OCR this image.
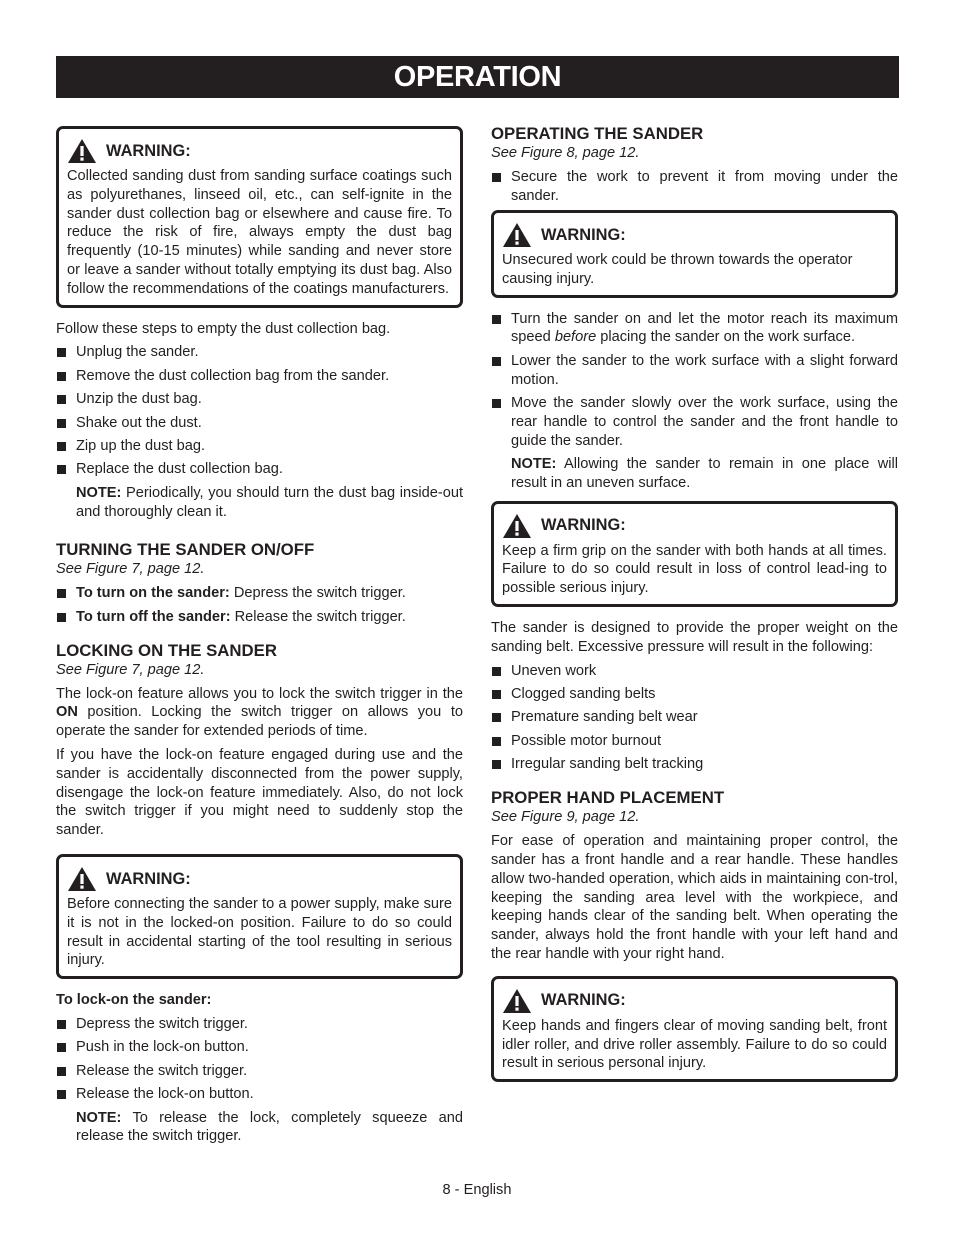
OPERATION
WARNING:
Collected sanding dust from sanding surface coatings such as polyurethanes, linseed oil, etc., can self-ignite in the sander dust collection bag or elsewhere and cause fire. To reduce the risk of fire, always empty the dust bag frequently (10-15 minutes) while sanding and never store or leave a sander without totally emptying its dust bag. Also follow the recommendations of the coatings manufacturers.

Follow these steps to empty the dust collection bag.

Unplug the sander.
Remove the dust collection bag from the sander.
Unzip the dust bag.
Shake out the dust.
Zip up the dust bag.
Replace the dust collection bag.

NOTE: Periodically, you should turn the dust bag inside-out and thoroughly clean it.

TURNING THE SANDER ON/OFF

See Figure 7, page 12.

To turn on the sander: Depress the switch trigger.
To turn off the sander: Release the switch trigger.
LOCKING ON THE SANDER

See Figure 7, page 12.

The lock-on feature allows you to lock the switch trigger in the ON position. Locking the switch trigger on allows you to operate the sander for extended periods of time.

If you have the lock-on feature engaged during use and the sander is accidentally disconnected from the power supply, disengage the lock-on feature immediately. Also, do not lock the switch trigger if you might need to suddenly stop the sander.

WARNING:
Before connecting the sander to a power supply, make sure it is not in the locked-on position. Failure to do so could result in accidental starting of the tool resulting in serious injury.

To lock-on the sander:

Depress the switch trigger.
Push in the lock-on button.
Release the switch trigger.
Release the lock-on button.

NOTE: To release the lock, completely squeeze and release the switch trigger.

OPERATING THE SANDER

See Figure 8, page 12.

Secure the work to prevent it from moving under the sander.
WARNING:
Unsecured work could be thrown towards the operator causing injury.
Turn the sander on and let the motor reach its maximum speed before placing the sander on the work surface.
Lower the sander to the work surface with a slight forward motion.
Move the sander slowly over the work surface, using the rear handle to control the sander and the front handle to guide the sander.

NOTE: Allowing the sander to remain in one place will result in an uneven surface.

WARNING:
Keep a firm grip on the sander with both hands at all times. Failure to do so could result in loss of control lead-ing to possible serious injury.

The sander is designed to provide the proper weight on the sanding belt. Excessive pressure will result in the following:

Uneven work
Clogged sanding belts
Premature sanding belt wear
Possible motor burnout
Irregular sanding belt tracking
PROPER HAND PLACEMENT

See Figure 9, page 12.

For ease of operation and maintaining proper control, the sander has a front handle and a rear handle. These handles allow two-handed operation, which aids in maintaining con-trol, keeping the sanding area level with the workpiece, and keeping hands clear of the sanding belt. When operating the sander, always hold the front handle with your left hand and the rear handle with your right hand.

WARNING:
Keep hands and fingers clear of moving sanding belt, front idler roller, and drive roller assembly. Failure to do so could result in serious personal injury.
8 - English
